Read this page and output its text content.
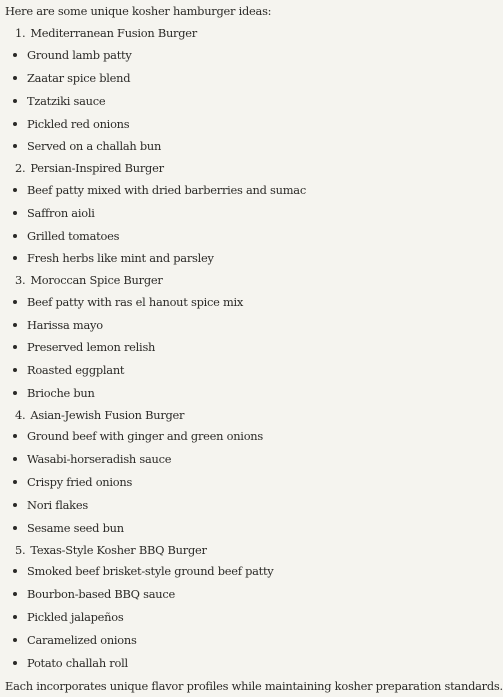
Here are some unique kosher hamburger ideas:
1. Mediterranean Fusion Burger
Ground lamb patty
Zaatar spice blend
Tzatziki sauce
Pickled red onions
Served on a challah bun
2. Persian-Inspired Burger
Beef patty mixed with dried barberries and sumac
Saffron aioli
Grilled tomatoes
Fresh herbs like mint and parsley
3. Moroccan Spice Burger
Beef patty with ras el hanout spice mix
Harissa mayo
Preserved lemon relish
Roasted eggplant
Brioche bun
4. Asian-Jewish Fusion Burger
Ground beef with ginger and green onions
Wasabi-horseradish sauce
Crispy fried onions
Nori flakes
Sesame seed bun
5. Texas-Style Kosher BBQ Burger
Smoked beef brisket-style ground beef patty
Bourbon-based BBQ sauce
Pickled jalapeños
Caramelized onions
Potato challah roll
Each incorporates unique flavor profiles while maintaining kosher preparation standards.
